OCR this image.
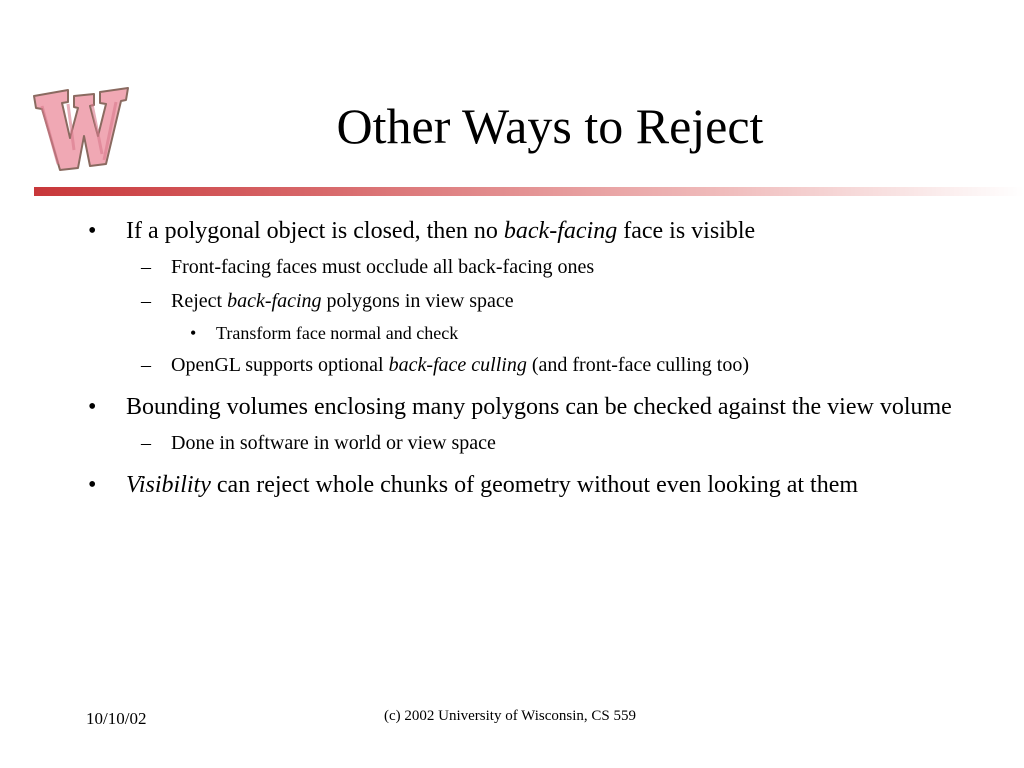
Other Ways to Reject
• If a polygonal object is closed, then no back-facing face is visible
– Front-facing faces must occlude all back-facing ones
– Reject back-facing polygons in view space
• Transform face normal and check
– OpenGL supports optional back-face culling (and front-face culling too)
• Bounding volumes enclosing many polygons can be checked against the view volume
– Done in software in world or view space
• Visibility can reject whole chunks of geometry without even looking at them
10/10/02	(c) 2002 University of Wisconsin, CS 559
